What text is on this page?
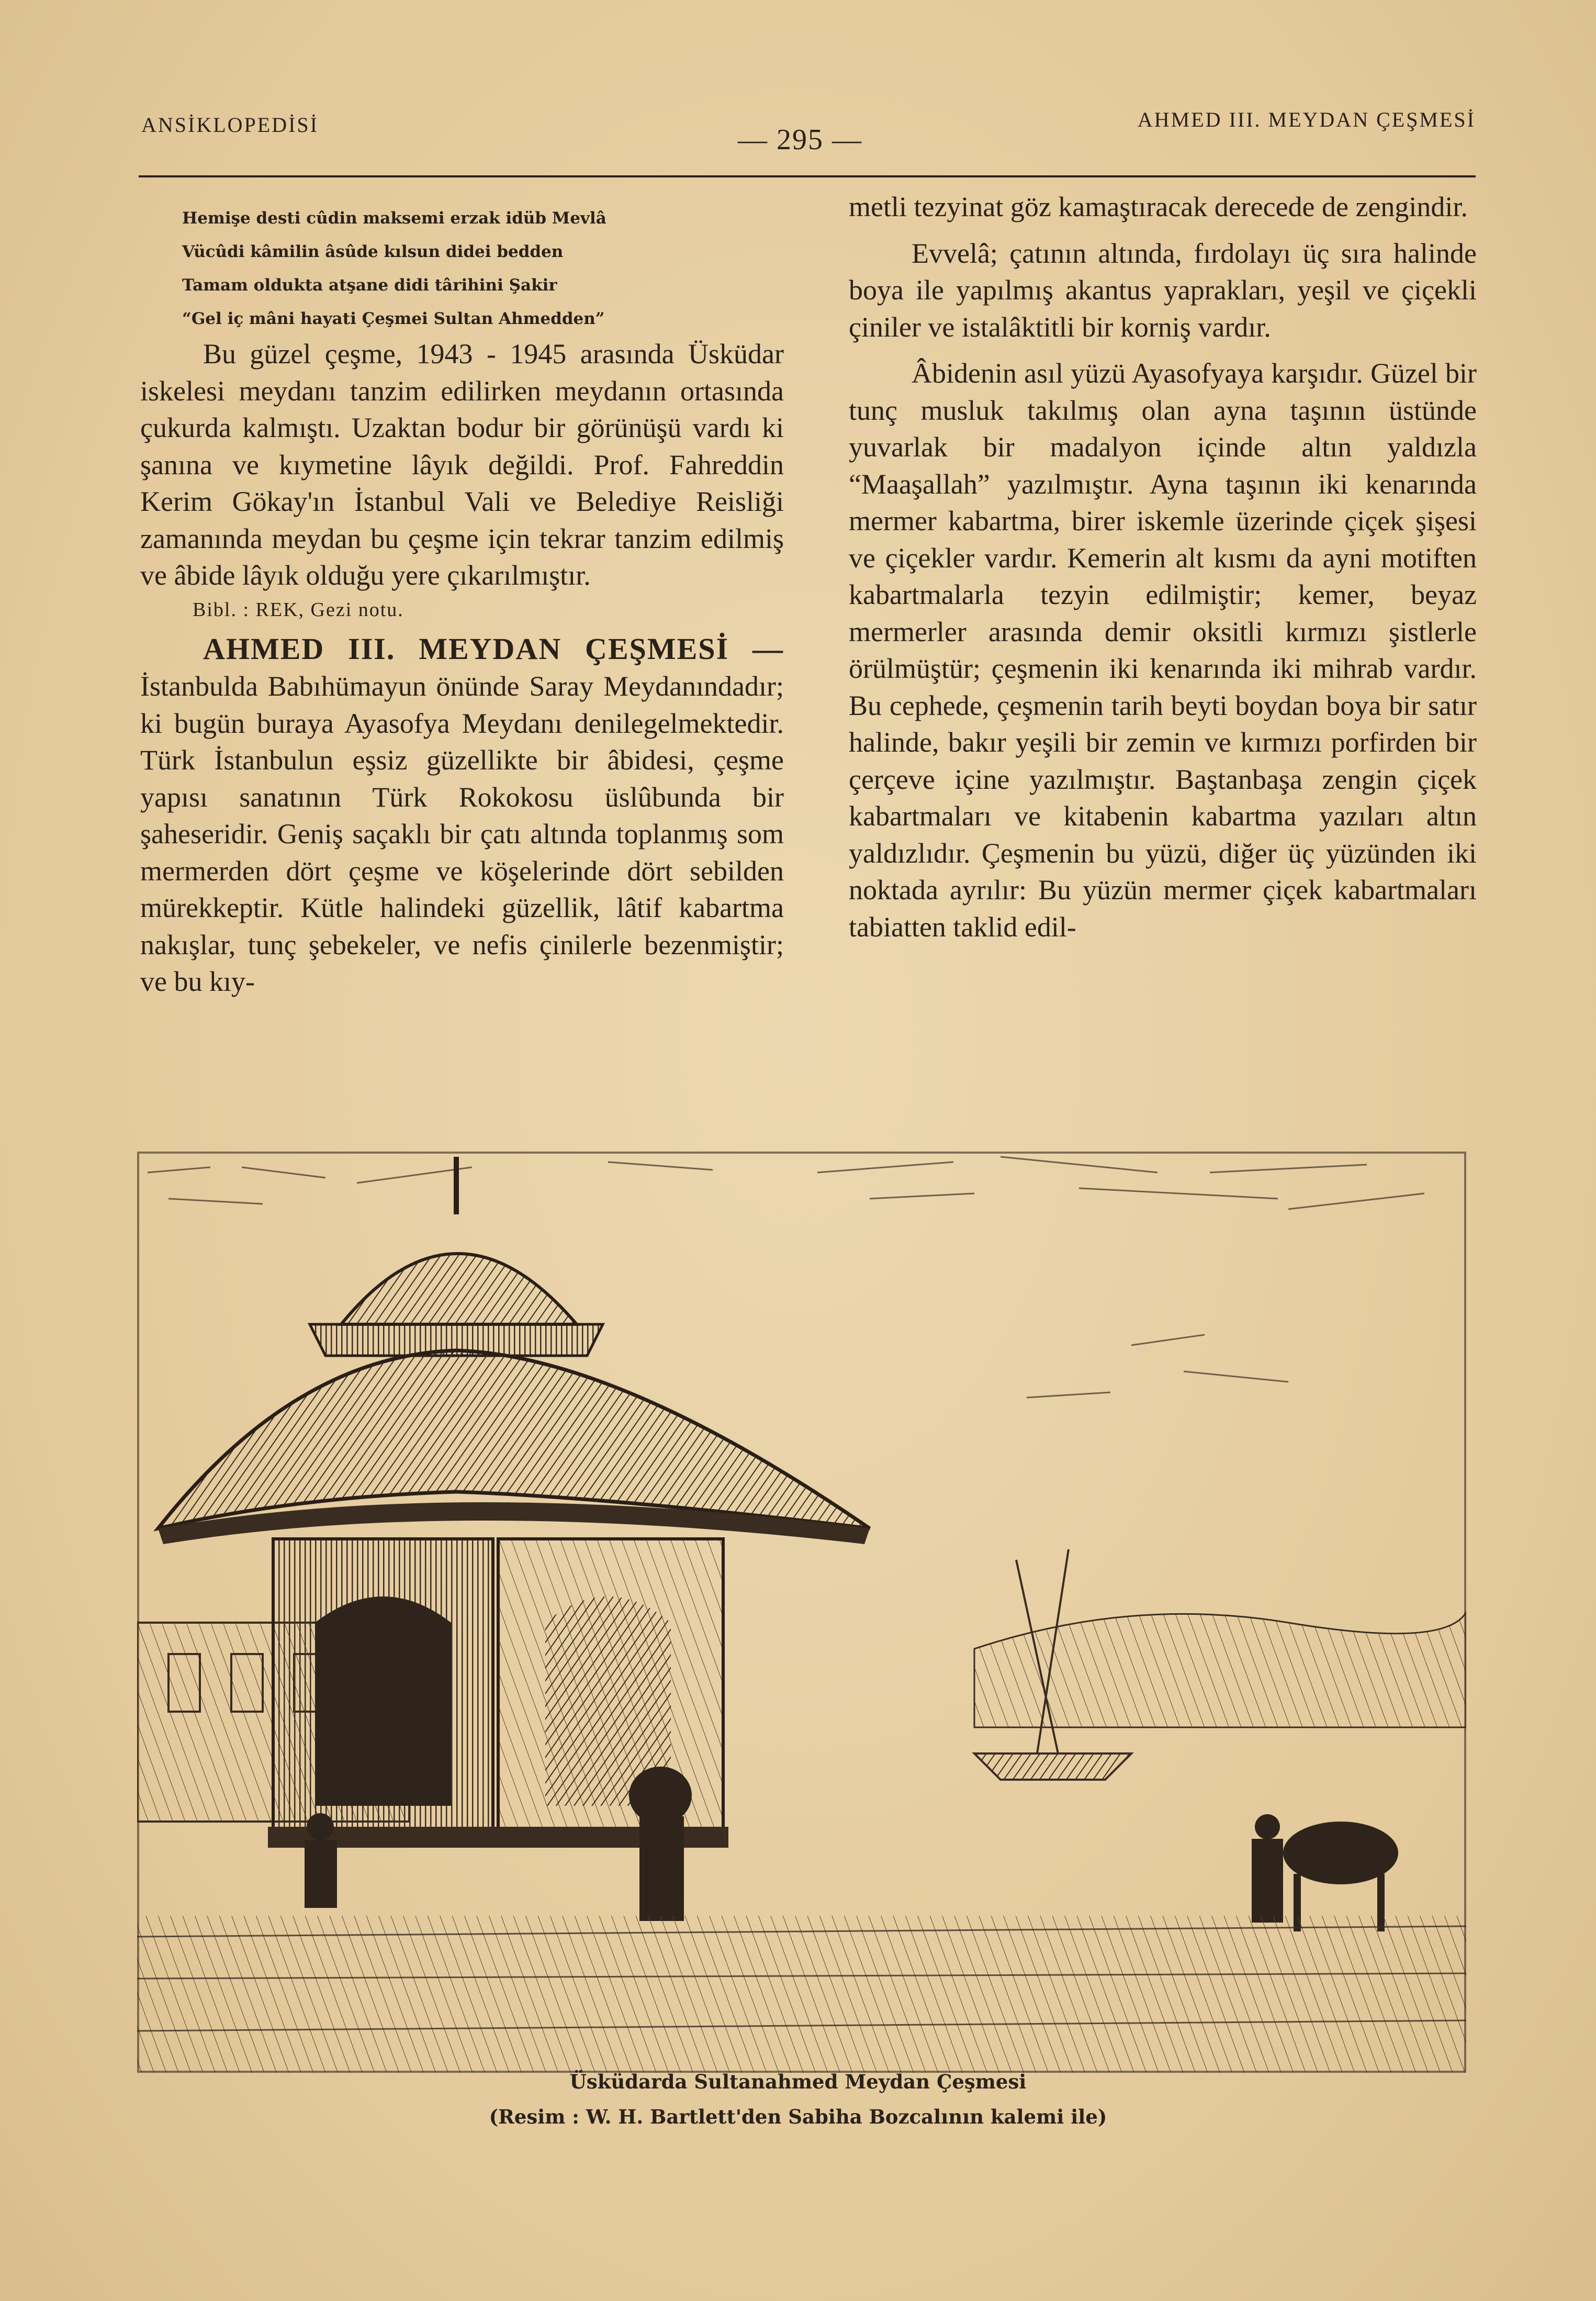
ANSİKLOPEDİSİ	— 295 —
AHMED III. MEYDAN ÇEŞMESİ

Hemişe desti cûdin maksemi erzak idüb Mevlâ

Vücûdi kâmilin âsûde kılsun didei bedden

Tamam oldukta atşane didi târihini Şakir

“Gel iç mâni hayati Çeşmei Sultan Ahmedden”

Bu güzel çeşme, 1943 - 1945 arasında Üsküdar iskelesi meydanı tanzim edilirken meydanın ortasında çukurda kalmıştı. Uzaktan bodur bir görünüşü vardı ki şanına ve kıymetine lâyık değildi. Prof. Fahreddin Kerim Gökay'ın İstanbul Vali ve Belediye Reisliği zamanında meydan bu çeşme için tekrar tanzim edilmiş ve âbide lâyık olduğu yere çıkarılmıştır.

Bibl. : REK, Gezi notu.

AHMED III. MEYDAN ÇEŞMESİ —İstanbulda Babıhümayun önünde Saray Meydanındadır; ki bugün buraya Ayasofya Meydanı denilegelmektedir. Türk İstanbulun eşsiz güzellikte bir âbidesi, çeşme yapısı sanatının Türk Rokokosu üslûbunda bir şaheseridir. Geniş saçaklı bir çatı altında toplanmış som mermerden dört çeşme ve köşelerinde dört sebilden mürekkeptir. Kütle halindeki güzellik, lâtif kabartma nakışlar, tunç şebekeler, ve nefis çinilerle bezenmiştir; ve bu kıy-

metli tezyinat göz kamaştıracak derecede de zengindir.

Evvelâ; çatının altında, fırdolayı üç sıra halinde boya ile yapılmış akantus yaprakları, yeşil ve çiçekli çiniler ve istalâktitli bir korniş vardır.

Âbidenin asıl yüzü Ayasofyaya karşıdır. Güzel bir tunç musluk takılmış olan ayna taşının üstünde yuvarlak bir madalyon içinde altın yaldızla “Maaşallah” yazılmıştır. Ayna taşının iki kenarında mermer kabartma, birer iskemle üzerinde çiçek şişesi ve çiçekler vardır. Kemerin alt kısmı da ayni motiften kabartmalarla tezyin edilmiştir; kemer, beyaz mermerler arasında demir oksitli kırmızı şistlerle örülmüştür; çeşmenin iki kenarında iki mihrab vardır. Bu cephede, çeşmenin tarih beyti boydan boya bir satır halinde, bakır yeşili bir zemin ve kırmızı porfirden bir çerçeve içine yazılmıştır. Baştanbaşa zengin çiçek kabartmaları ve kitabenin kabartma yazıları altın yaldızlıdır. Çeşmenin bu yüzü, diğer üç yüzünden iki noktada ayrılır: Bu yüzün mermer çiçek kabartmaları tabiatten taklid edil-

Üsküdarda Sultanahmed Meydan Çeşmesi
(Resim : W. H. Bartlett'den Sabiha Bozcalının kalemi ile)
